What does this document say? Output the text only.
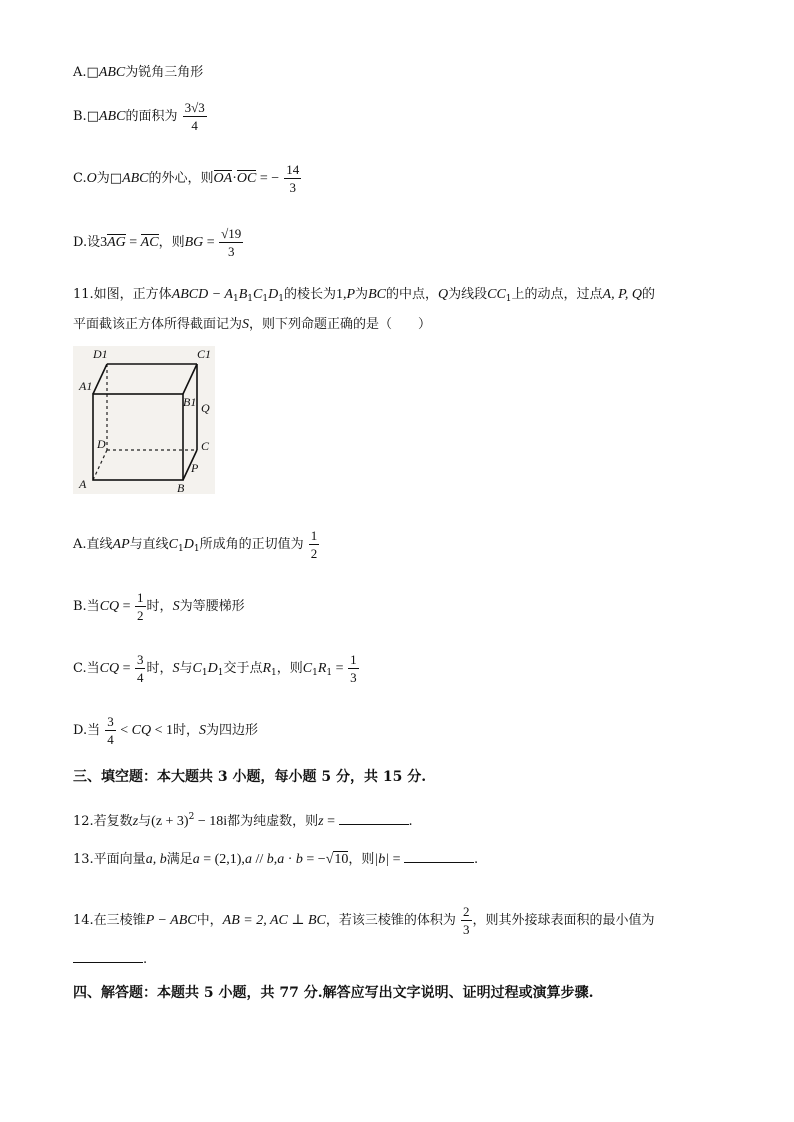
A.□ABC为锐角三角形
B.□ABC的面积为 $\frac{3√3}{4}$
C.O为□ABC的外心，则OA·OC = − $\frac{14}{3}$
D.设3AG = AC，则BG = $\frac{√19}{3}$
11.如图，正方体ABCD − $A_1B_1C_1D_1$的棱长为1,P为BC的中点，Q为线段$CC_1$上的动点，过点A, P, Q的
平面截该正方体所得截面记为S，则下列命题正确的是（　　）
D1	C1
A1
B1 Q
D	C
P
A	B
A.直线AP与直线$C_1D_1$所成角的正切值为 $\frac{1}{2}$
B.当CQ = $\frac{1}{2}$ 时，S为等腰梯形
C.当CQ = $\frac{3}{4}$ 时，S与$C_1D_1$交于点$R_1$，则$C_1R_1 = \frac{1}{3}$
D.当 $\frac{3}{4}$ < CQ < 1时，S为四边形
三、填空题：本大题共 3 小题，每小题 5 分，共 15 分.
12.若复数z与$(z + 3)^2 - 18i$都为纯虚数，则z =	.
13.平面向量a, b满足a = (2,1),a // b,a · b = −√10，则|b| =	.
14.在三棱锥P − ABC中，AB = 2, AC ⊥ BC，若该三棱锥的体积为 $\frac{2}{3}$ ，则其外接球表面积的最小值为
.
四、解答题：本题共 5 小题，共 77 分.解答应写出文字说明、证明过程或演算步骤.
